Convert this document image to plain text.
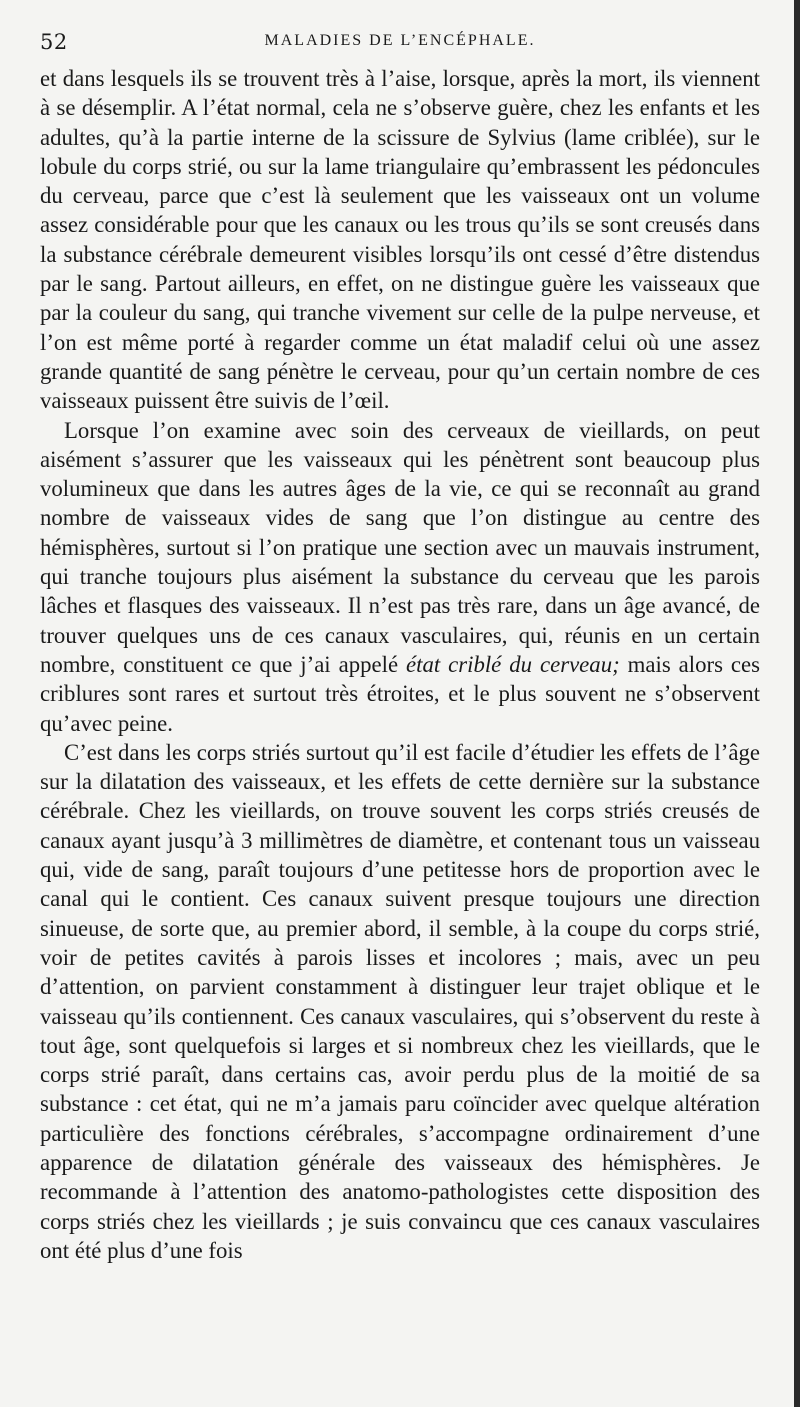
52	MALADIES DE L’ENCÉPHALE.

et dans lesquels ils se trouvent très à l’aise, lorsque, après la mort, ils viennent à se désemplir. A l’état normal, cela ne s’observe guère, chez les enfants et les adultes, qu’à la partie interne de la scissure de Sylvius (lame criblée), sur le lobule du corps strié, ou sur la lame triangulaire qu’embrassent les pédoncules du cerveau, parce que c’est là seulement que les vaisseaux ont un volume assez considérable pour que les canaux ou les trous qu’ils se sont creusés dans la substance cérébrale demeurent visibles lorsqu’ils ont cessé d’être distendus par le sang. Partout ailleurs, en effet, on ne distingue guère les vaisseaux que par la couleur du sang, qui tranche vivement sur celle de la pulpe nerveuse, et l’on est même porté à regarder comme un état maladif celui où une assez grande quantité de sang pénètre le cerveau, pour qu’un certain nombre de ces vaisseaux puissent être suivis de l’œil.

Lorsque l’on examine avec soin des cerveaux de vieillards, on peut aisément s’assurer que les vaisseaux qui les pénètrent sont beaucoup plus volumineux que dans les autres âges de la vie, ce qui se reconnaît au grand nombre de vaisseaux vides de sang que l’on distingue au centre des hémisphères, surtout si l’on pratique une section avec un mauvais instrument, qui tranche toujours plus aisément la substance du cerveau que les parois lâches et flasques des vaisseaux. Il n’est pas très rare, dans un âge avancé, de trouver quelques uns de ces canaux vasculaires, qui, réunis en un certain nombre, constituent ce que j’ai appelé état criblé du cerveau; mais alors ces criblures sont rares et surtout très étroites, et le plus souvent ne s’observent qu’avec peine.

C’est dans les corps striés surtout qu’il est facile d’étudier les effets de l’âge sur la dilatation des vaisseaux, et les effets de cette dernière sur la substance cérébrale. Chez les vieillards, on trouve souvent les corps striés creusés de canaux ayant jusqu’à 3 millimètres de diamètre, et contenant tous un vaisseau qui, vide de sang, paraît toujours d’une petitesse hors de proportion avec le canal qui le contient. Ces canaux suivent presque toujours une direction sinueuse, de sorte que, au premier abord, il semble, à la coupe du corps strié, voir de petites cavités à parois lisses et incolores ; mais, avec un peu d’attention, on parvient constamment à distinguer leur trajet oblique et le vaisseau qu’ils contiennent. Ces canaux vasculaires, qui s’observent du reste à tout âge, sont quelquefois si larges et si nombreux chez les vieillards, que le corps strié paraît, dans certains cas, avoir perdu plus de la moitié de sa substance : cet état, qui ne m’a jamais paru coïncider avec quelque altération particulière des fonctions cérébrales, s’accompagne ordinairement d’une apparence de dilatation générale des vaisseaux des hémisphères. Je recommande à l’attention des anatomo-pathologistes cette disposition des corps striés chez les vieillards ; je suis convaincu que ces canaux vasculaires ont été plus d’une fois
